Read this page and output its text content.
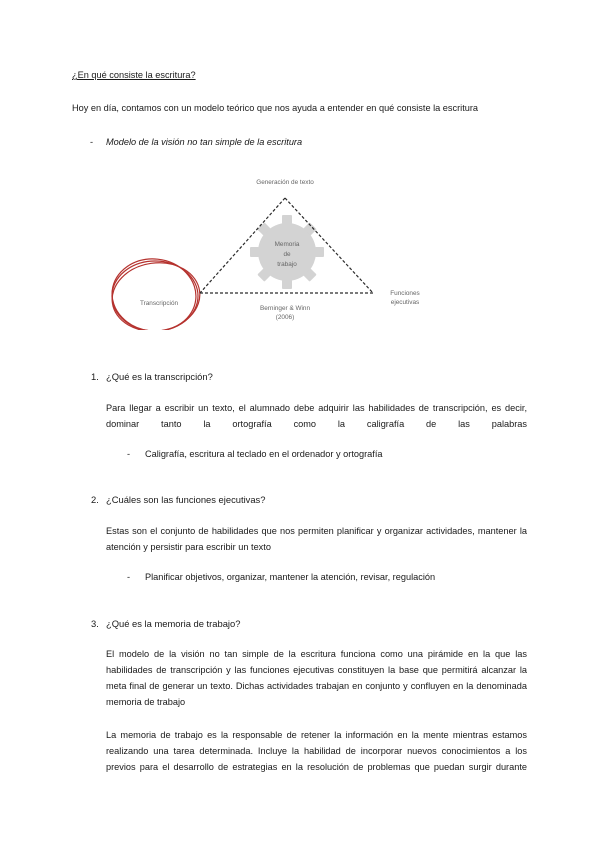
¿En qué consiste la escritura?
Hoy en día, contamos con un modelo teórico que nos ayuda a entender en qué consiste la escritura
- Modelo de la visión no tan simple de la escritura
Generación de texto
Memoria
de
trabajo
Transcripción
Funciones
ejecutivas
Berninger & Winn
(2006)
1. ¿Qué es la transcripción?
Para llegar a escribir un texto, el alumnado debe adquirir las habilidades de transcripción, es decir, dominar tanto la ortografía como la caligrafía de las palabras
- Caligrafía, escritura al teclado en el ordenador y ortografía
2. ¿Cuáles son las funciones ejecutivas?
Estas son el conjunto de habilidades que nos permiten planificar y organizar actividades, mantener la atención y persistir para escribir un texto
- Planificar objetivos, organizar, mantener la atención, revisar, regulación
3. ¿Qué es la memoria de trabajo?
El modelo de la visión no tan simple de la escritura funciona como una pirámide en la que las habilidades de transcripción y las funciones ejecutivas constituyen la base que permitirá alcanzar la meta final de generar un texto. Dichas actividades trabajan en conjunto y confluyen en la denominada memoria de trabajo
La memoria de trabajo es la responsable de retener la información en la mente mientras estamos realizando una tarea determinada. Incluye la habilidad de incorporar nuevos conocimientos a los previos para el desarrollo de estrategias en la resolución de problemas que puedan surgir durante
